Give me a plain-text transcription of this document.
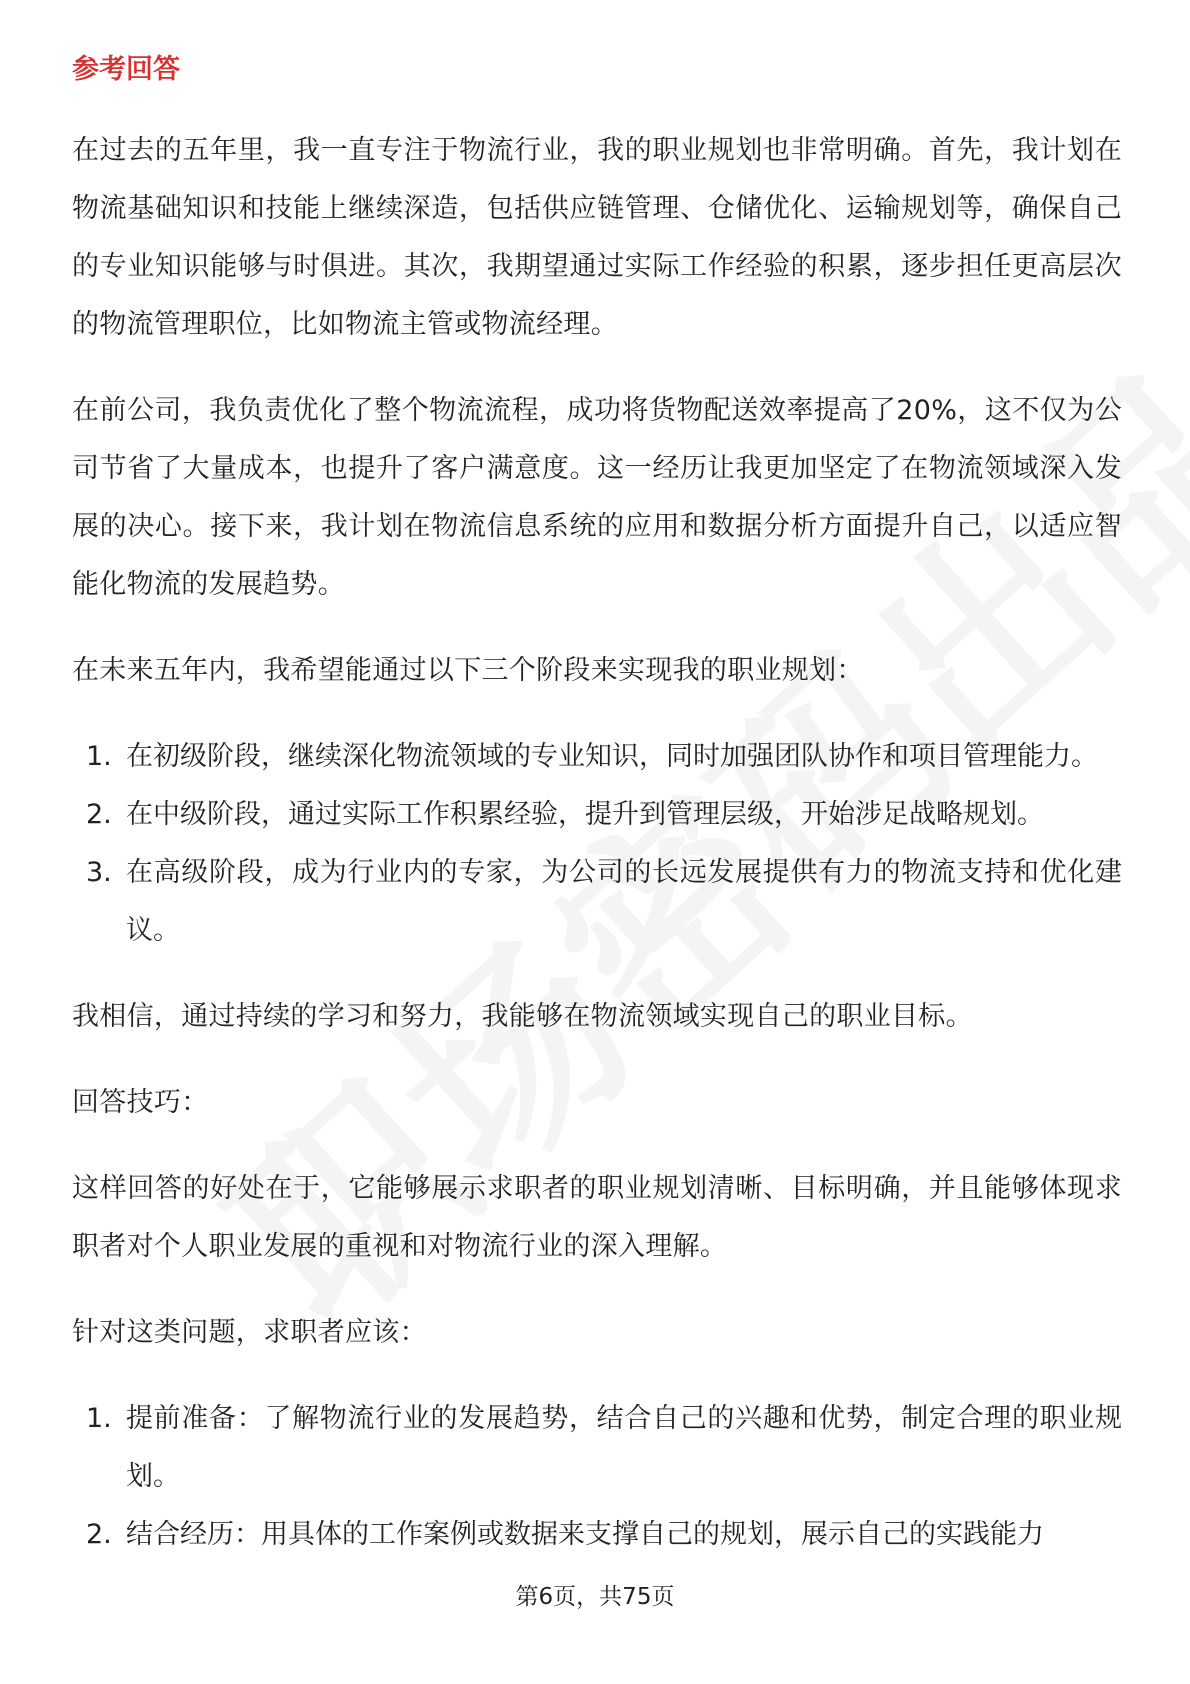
参考回答

在过去的五年里，我一直专注于物流行业，我的职业规划也非常明确。首先，我计划在物流基础知识和技能上继续深造，包括供应链管理、仓储优化、运输规划等，确保自己的专业知识能够与时俱进。其次，我期望通过实际工作经验的积累，逐步担任更高层次的物流管理职位，比如物流主管或物流经理。

在前公司，我负责优化了整个物流流程，成功将货物配送效率提高了20%，这不仅为公司节省了大量成本，也提升了客户满意度。这一经历让我更加坚定了在物流领域深入发展的决心。接下来，我计划在物流信息系统的应用和数据分析方面提升自己，以适应智能化物流的发展趋势。

在未来五年内，我希望能通过以下三个阶段来实现我的职业规划：

1. 在初级阶段，继续深化物流领域的专业知识，同时加强团队协作和项目管理能力。
2. 在中级阶段，通过实际工作积累经验，提升到管理层级，开始涉足战略规划。
3. 在高级阶段，成为行业内的专家，为公司的长远发展提供有力的物流支持和优化建议。

我相信，通过持续的学习和努力，我能够在物流领域实现自己的职业目标。

回答技巧：

这样回答的好处在于，它能够展示求职者的职业规划清晰、目标明确，并且能够体现求职者对个人职业发展的重视和对物流行业的深入理解。

针对这类问题，求职者应该：

1. 提前准备：了解物流行业的发展趋势，结合自己的兴趣和优势，制定合理的职业规划。
2. 结合经历：用具体的工作案例或数据来支撑自己的规划，展示自己的实践能力
第6页，共75页
